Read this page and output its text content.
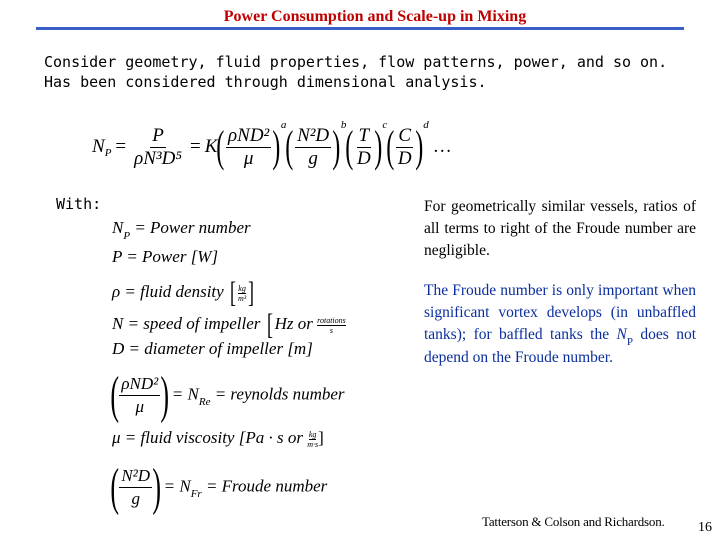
Power Consumption and Scale-up in Mixing
Consider geometry, fluid properties, flow patterns, power, and so on. Has been considered through dimensional analysis.
N $P = \frac{P}{\text{ρN³D⁵}} = K$ ( $\frac{\text{ρND²}}{\mu}$ ) a ( $\frac{\text{N²D}}{g}$ ) b ( $\frac{T}{D}$ ) c ( $\frac{C}{D}$ ) d
…
With:
$N_P$ = Power number
P = Power [W]
ρ = fluid density [ $\frac{kg}{\text{m³}}$ ]
N = speed of impeller [ Hz or rotations
s
D = diameter of impeller [m]
( $\frac{\text{ρND²}}{\mu}$ ) = $N_{Re}$ = reynolds number
μ = fluid viscosity [Pa · s or $\frac{kg}{m\cdot s}$ ]
( $\frac{\text{N²D}}{g}$ ) = $N_{Fr}$ = Froude number
For geometrically similar vessels, ratios of all terms to right of the Froude number are negligible.
The Froude number is only important when significant vortex develops (in unbaffled tanks); for baffled tanks the $N_P$ does not depend on the Froude number.
Tatterson & Colson and Richardson. 16
